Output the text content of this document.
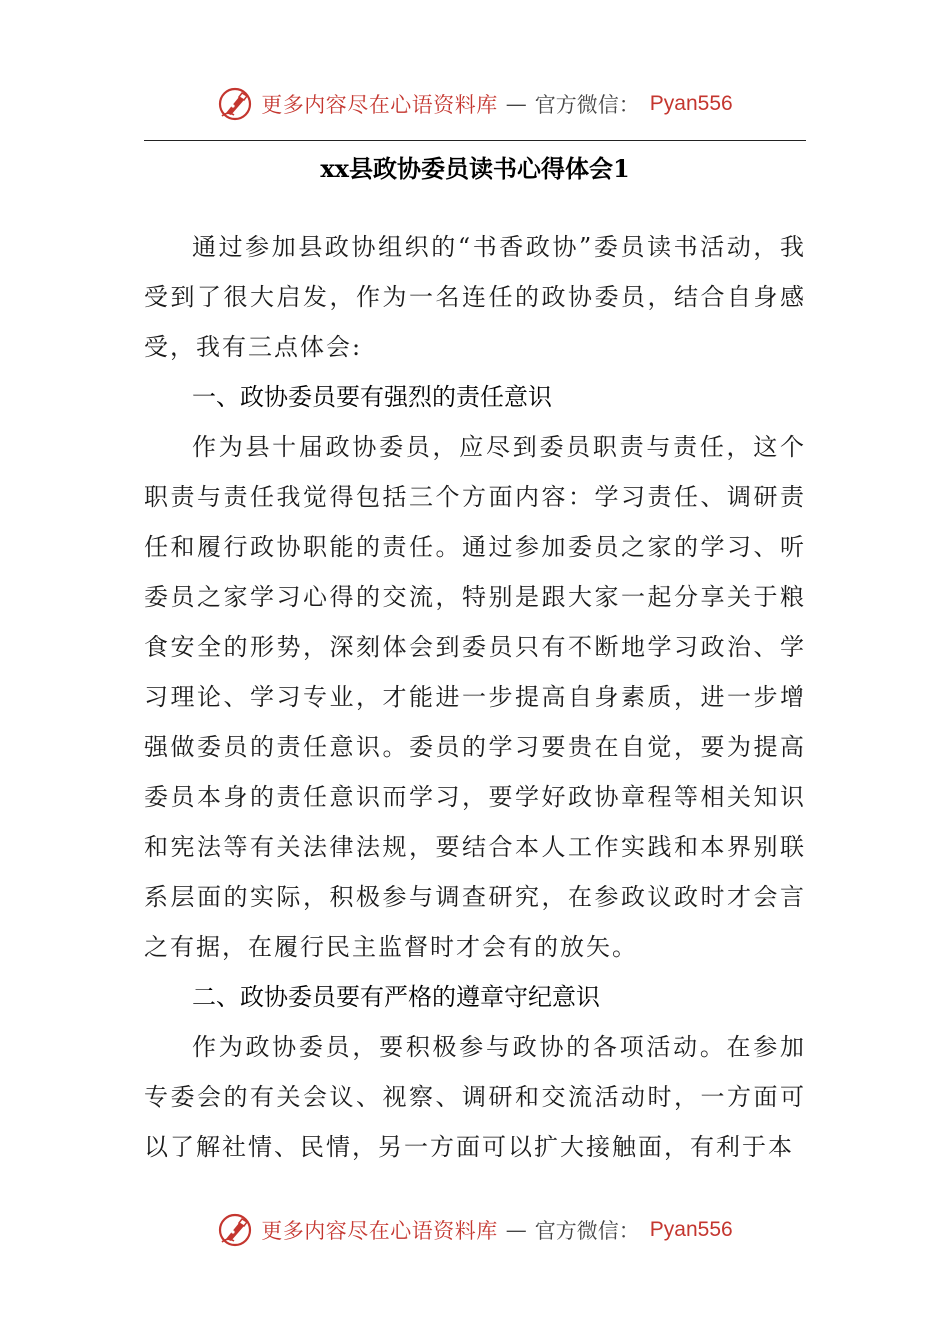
更多内容尽在心语资料库 — 官方微信： Pyan556
xx县政协委员读书心得体会1

通过参加县政协组织的“书香政协”委员读书活动，我受到了很大启发，作为一名连任的政协委员，结合自身感受，我有三点体会:

一、政协委员要有强烈的责任意识

作为县十届政协委员，应尽到委员职责与责任，这个职责与责任我觉得包括三个方面内容：学习责任、调研责任和履行政协职能的责任。通过参加委员之家的学习、听委员之家学习心得的交流，特别是跟大家一起分享关于粮食安全的形势，深刻体会到委员只有不断地学习政治、学习理论、学习专业，才能进一步提高自身素质，进一步增强做委员的责任意识。委员的学习要贵在自觉，要为提高委员本身的责任意识而学习，要学好政协章程等相关知识和宪法等有关法律法规，要结合本人工作实践和本界别联系层面的实际，积极参与调查研究，在参政议政时才会言之有据，在履行民主监督时才会有的放矢。

二、政协委员要有严格的遵章守纪意识

作为政协委员，要积极参与政协的各项活动。在参加专委会的有关会议、视察、调研和交流活动时，一方面可以了解社情、民情，另一方面可以扩大接触面，有利于本

更多内容尽在心语资料库 — 官方微信： Pyan556
